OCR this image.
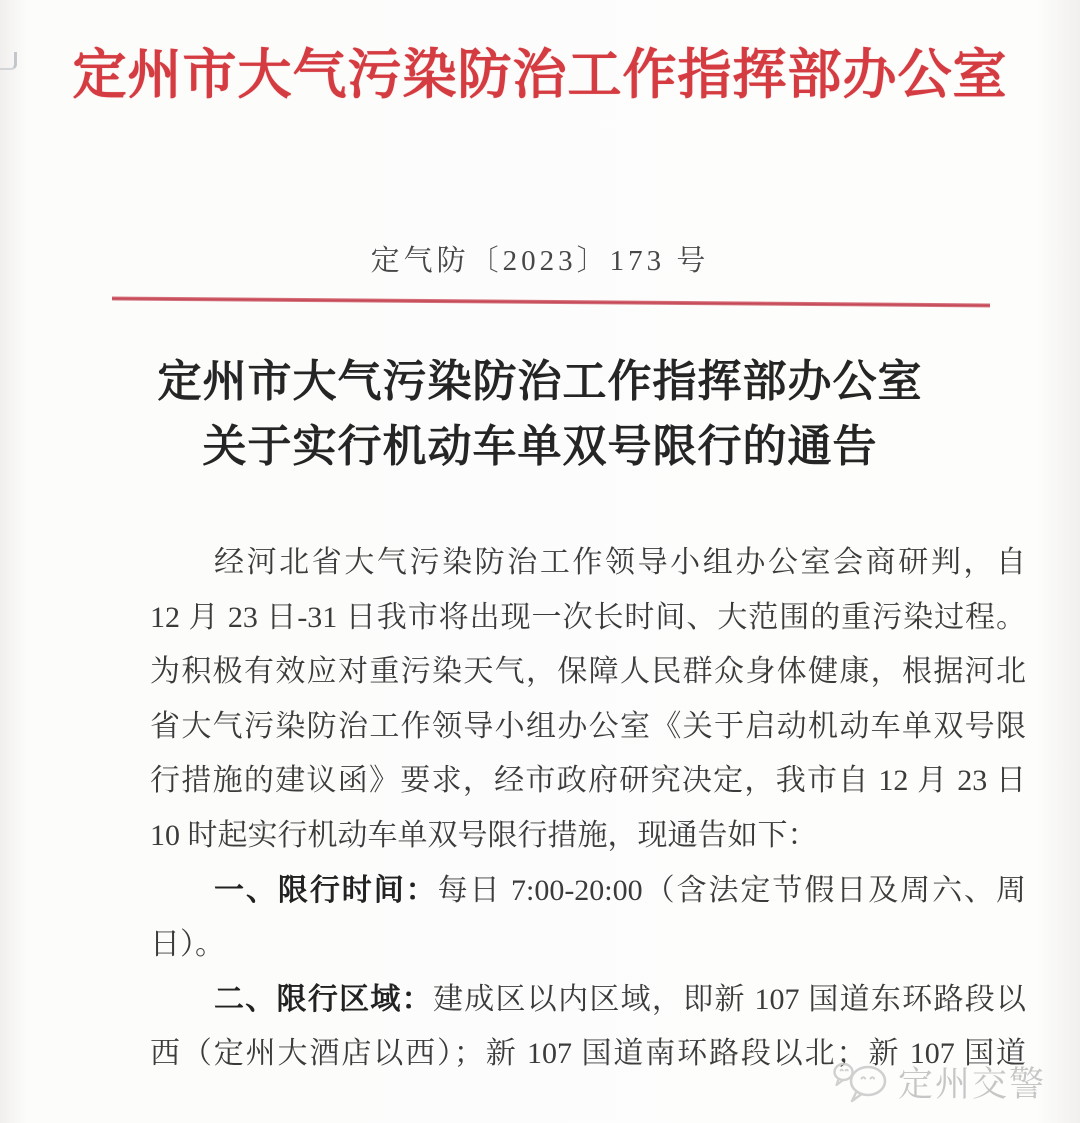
定州市大气污染防治工作指挥部办公室
定气防〔2023〕173 号
定州市大气污染防治工作指挥部办公室
关于实行机动车单双号限行的通告
经河北省大气污染防治工作领导小组办公室会商研判，自
12 月 23 日-31 日我市将出现一次长时间、大范围的重污染过程。
为积极有效应对重污染天气，保障人民群众身体健康，根据河北
省大气污染防治工作领导小组办公室《关于启动机动车单双号限
行措施的建议函》要求，经市政府研究决定，我市自 12 月 23 日
10 时起实行机动车单双号限行措施，现通告如下：
一、限行时间：每日 7:00-20:00（含法定节假日及周六、周
日）。
二、限行区域：建成区以内区域，即新 107 国道东环路段以
西（定州大酒店以西）；新 107 国道南环路段以北；新 107 国道
定州交警
